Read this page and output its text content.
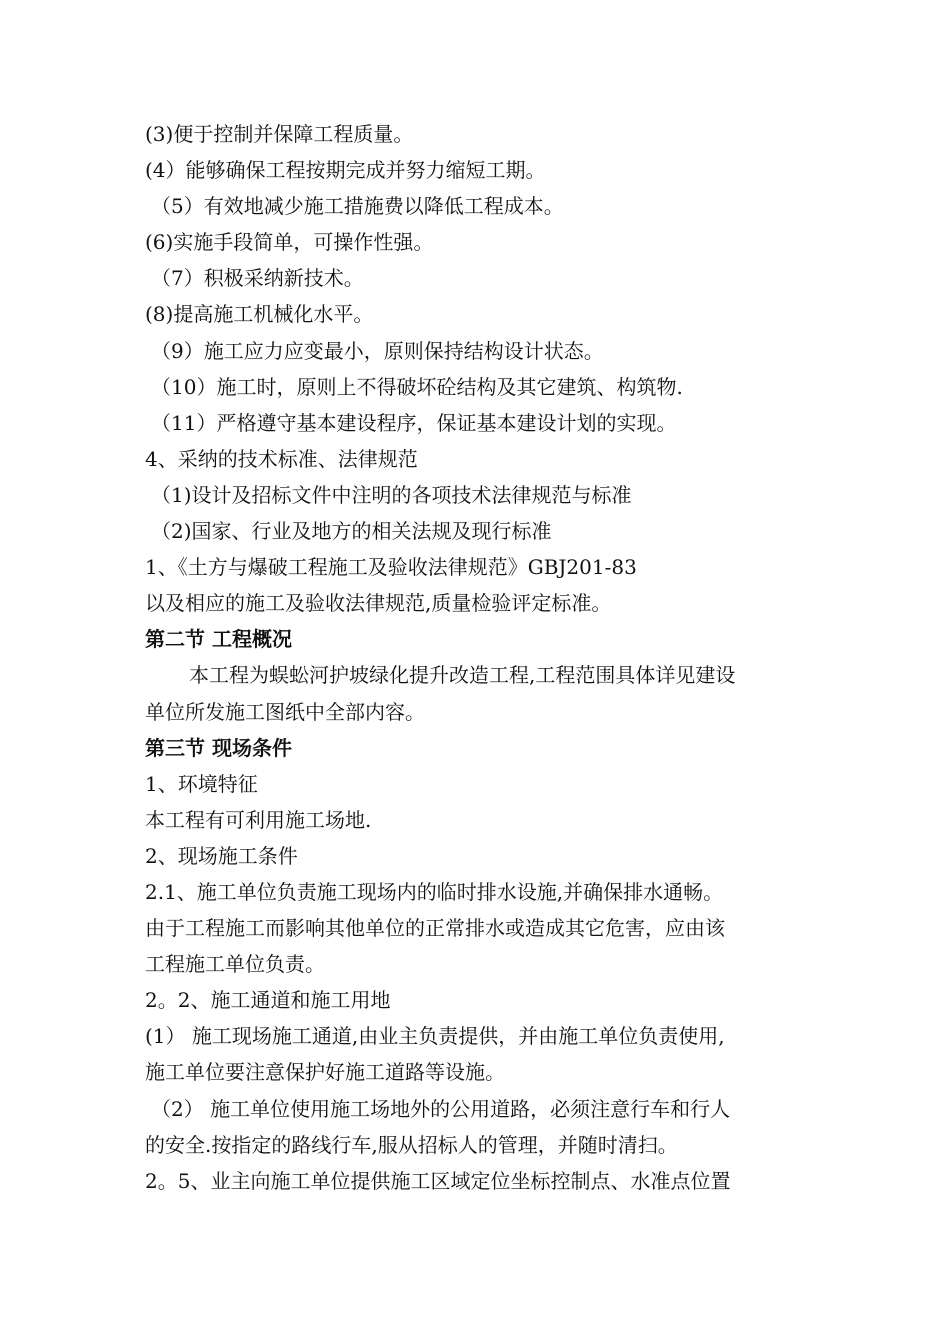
(3)便于控制并保障工程质量。
(4）能够确保工程按期完成并努力缩短工期。
（5）有效地减少施工措施费以降低工程成本。
(6)实施手段简单，可操作性强。
（7）积极采纳新技术。
(8)提高施工机械化水平。
（9）施工应力应变最小，原则保持结构设计状态。
（10）施工时，原则上不得破坏砼结构及其它建筑、构筑物.
（11）严格遵守基本建设程序，保证基本建设计划的实现。
4、采纳的技术标准、法律规范
（1)设计及招标文件中注明的各项技术法律规范与标准
（2)国家、行业及地方的相关法规及现行标准
1、《土方与爆破工程施工及验收法律规范》GBJ201-83
以及相应的施工及验收法律规范,质量检验评定标准。
第二节 工程概况
本工程为蜈蚣河护坡绿化提升改造工程,工程范围具体详见建设
单位所发施工图纸中全部内容。
第三节 现场条件
1、环境特征
本工程有可利用施工场地.
2、现场施工条件
2.1、施工单位负责施工现场内的临时排水设施,并确保排水通畅。
由于工程施工而影响其他单位的正常排水或造成其它危害，应由该
工程施工单位负责。
2。2、施工通道和施工用地
(1） 施工现场施工通道,由业主负责提供，并由施工单位负责使用,
施工单位要注意保护好施工道路等设施。
（2） 施工单位使用施工场地外的公用道路，必须注意行车和行人
的安全.按指定的路线行车,服从招标人的管理，并随时清扫。
2。5、业主向施工单位提供施工区域定位坐标控制点、水准点位置
